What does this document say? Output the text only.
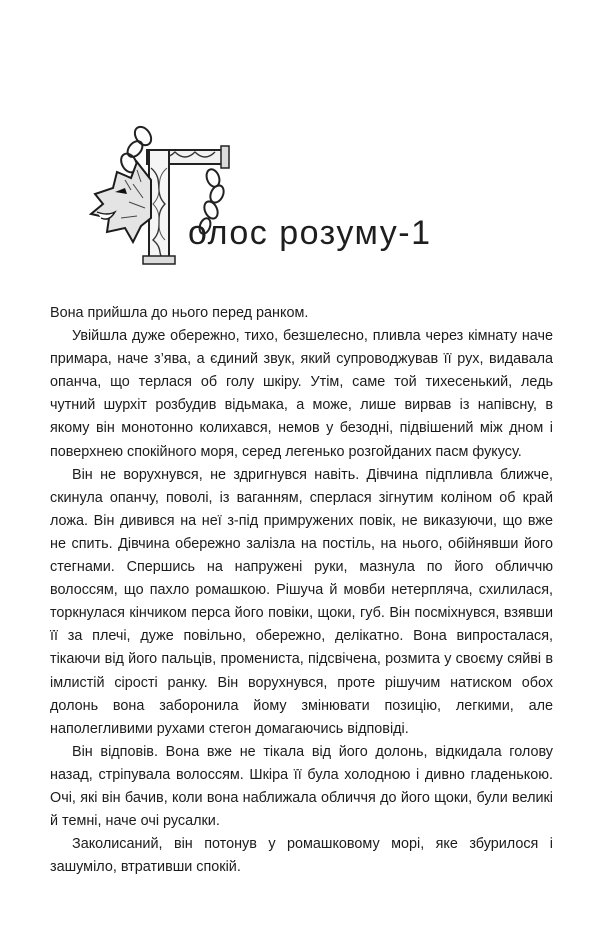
олос розуму-1

Вона прийшла до нього перед ранком.

Увійшла дуже обережно, тихо, безшелесно, пливла через кімнату наче примара, наче з’ява, а єдиний звук, який супроводжував її рух, видавала опанча, що терлася об голу шкіру. Утім, саме той тихесенький, ледь чутний шурхіт розбудив відьмака, а може, лише вирвав із напівсну, в якому він монотонно колихався, немов у безодні, підвішений між дном і поверхнею спокійного моря, серед легенько розгойданих пасм фукусу.

Він не ворухнувся, не здригнувся навіть. Дівчина підпливла ближче, скинула опанчу, поволі, із ваганням, сперлася зігнутим коліном об край ложа. Він дивився на неї з-під примружених повік, не виказуючи, що вже не спить. Дівчина обережно залізла на постіль, на нього, обійнявши його стегнами. Спершись на напружені руки, мазнула по його обличчю волоссям, що пахло ромашкою. Рішуча й мовби нетерпляча, схилилася, торкнулася кінчиком перса його повіки, щоки, губ. Він посміхнувся, взявши її за плечі, дуже повільно, обережно, делікатно. Вона випросталася, тікаючи від його пальців, промениста, підсвічена, розмита у своєму сяйві в імлистій сірості ранку. Він ворухнувся, проте рішучим натиском обох долонь вона заборонила йому змінювати позицію, легкими, але наполегливими рухами стегон домагаючись відповіді.

Він відповів. Вона вже не тікала від його долонь, відкидала голову назад, стріпувала волоссям. Шкіра її була холодною і дивно гладенькою. Очі, які він бачив, коли вона наближала обличчя до його щоки, були великі й темні, наче очі русалки.

Заколисаний, він потонув у ромашковому морі, яке збурилося і зашуміло, втративши спокій.
